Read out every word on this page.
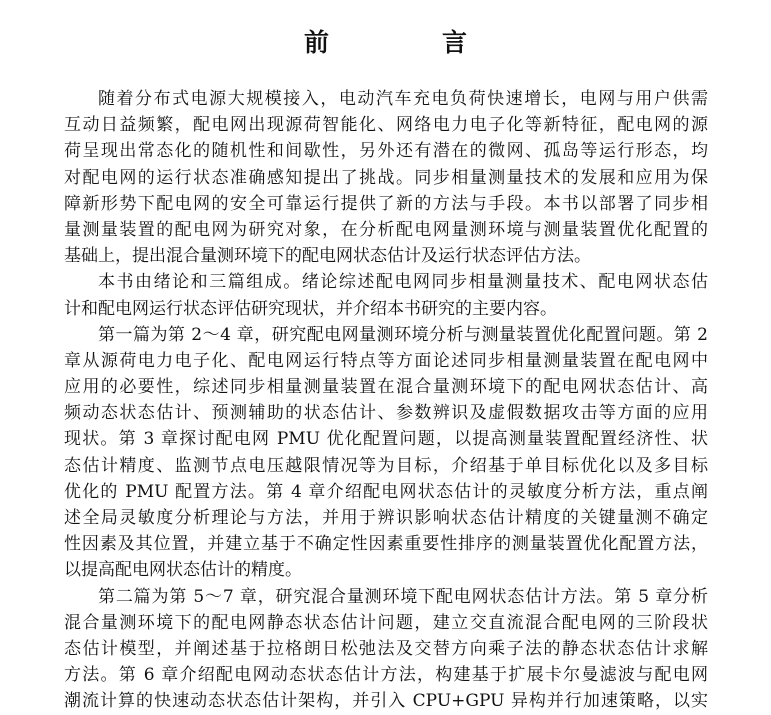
前　言
随着分布式电源大规模接入，电动汽车充电负荷快速增长，电网与用户供需
互动日益频繁，配电网出现源荷智能化、网络电力电子化等新特征，配电网的源
荷呈现出常态化的随机性和间歇性，另外还有潜在的微网、孤岛等运行形态，均
对配电网的运行状态准确感知提出了挑战。同步相量测量技术的发展和应用为保
障新形势下配电网的安全可靠运行提供了新的方法与手段。本书以部署了同步相
量测量装置的配电网为研究对象，在分析配电网量测环境与测量装置优化配置的
基础上，提出混合量测环境下的配电网状态估计及运行状态评估方法。
本书由绪论和三篇组成。绪论综述配电网同步相量测量技术、配电网状态估
计和配电网运行状态评估研究现状，并介绍本书研究的主要内容。
第一篇为第 2～4 章，研究配电网量测环境分析与测量装置优化配置问题。第 2
章从源荷电力电子化、配电网运行特点等方面论述同步相量测量装置在配电网中
应用的必要性，综述同步相量测量装置在混合量测环境下的配电网状态估计、高
频动态状态估计、预测辅助的状态估计、参数辨识及虚假数据攻击等方面的应用
现状。第 3 章探讨配电网 PMU 优化配置问题，以提高测量装置配置经济性、状
态估计精度、监测节点电压越限情况等为目标，介绍基于单目标优化以及多目标
优化的 PMU 配置方法。第 4 章介绍配电网状态估计的灵敏度分析方法，重点阐
述全局灵敏度分析理论与方法，并用于辨识影响状态估计精度的关键量测不确定
性因素及其位置，并建立基于不确定性因素重要性排序的测量装置优化配置方法，
以提高配电网状态估计的精度。
第二篇为第 5～7 章，研究混合量测环境下配电网状态估计方法。第 5 章分析
混合量测环境下的配电网静态状态估计问题，建立交直流混合配电网的三阶段状
态估计模型，并阐述基于拉格朗日松弛法及交替方向乘子法的静态状态估计求解
方法。第 6 章介绍配电网动态状态估计方法，构建基于扩展卡尔曼滤波与配电网
潮流计算的快速动态状态估计架构，并引入 CPU+GPU 异构并行加速策略，以实
